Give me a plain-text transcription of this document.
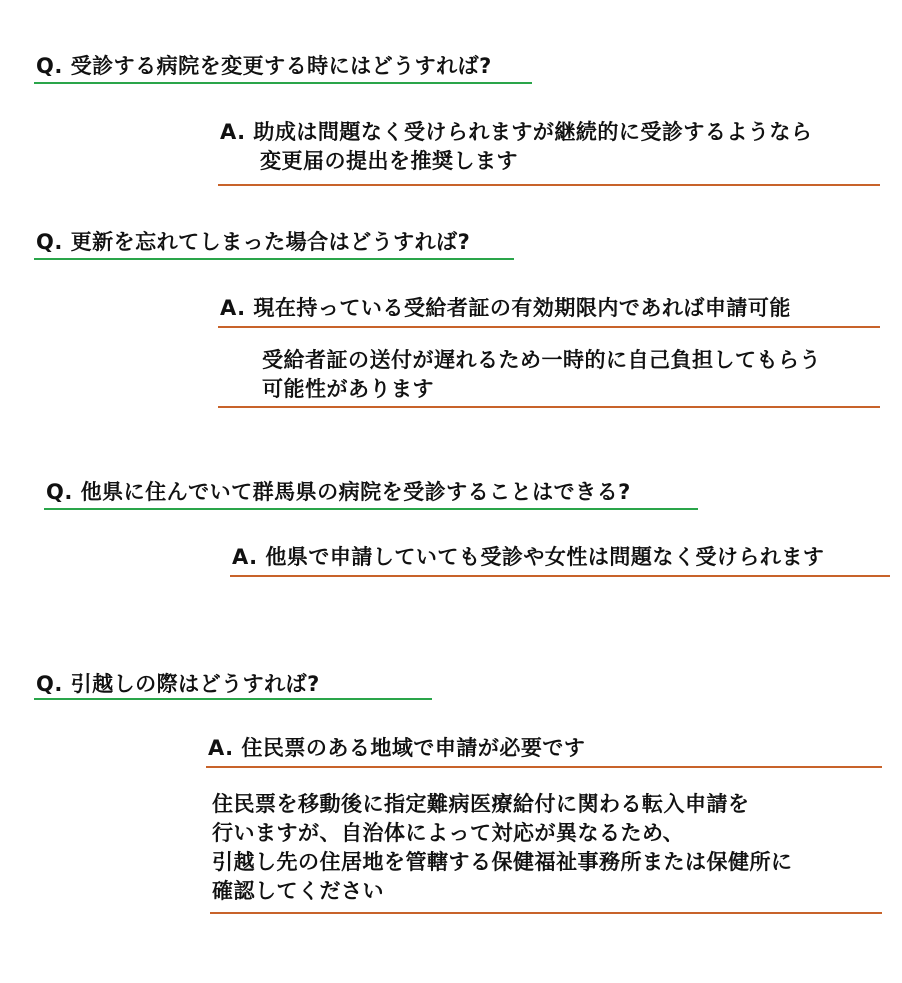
Q. 受診する病院を変更する時にはどうすれば?
A. 助成は問題なく受けられますが継続的に受診するようなら
変更届の提出を推奨します
Q. 更新を忘れてしまった場合はどうすれば?
A. 現在持っている受給者証の有効期限内であれば申請可能
受給者証の送付が遅れるため一時的に自己負担してもらう
可能性があります
Q. 他県に住んでいて群馬県の病院を受診することはできる?
A. 他県で申請していても受診や女性は問題なく受けられます
Q. 引越しの際はどうすれば?
A. 住民票のある地域で申請が必要です
住民票を移動後に指定難病医療給付に関わる転入申請を
行いますが、自治体によって対応が異なるため、
引越し先の住居地を管轄する保健福祉事務所または保健所に
確認してください
